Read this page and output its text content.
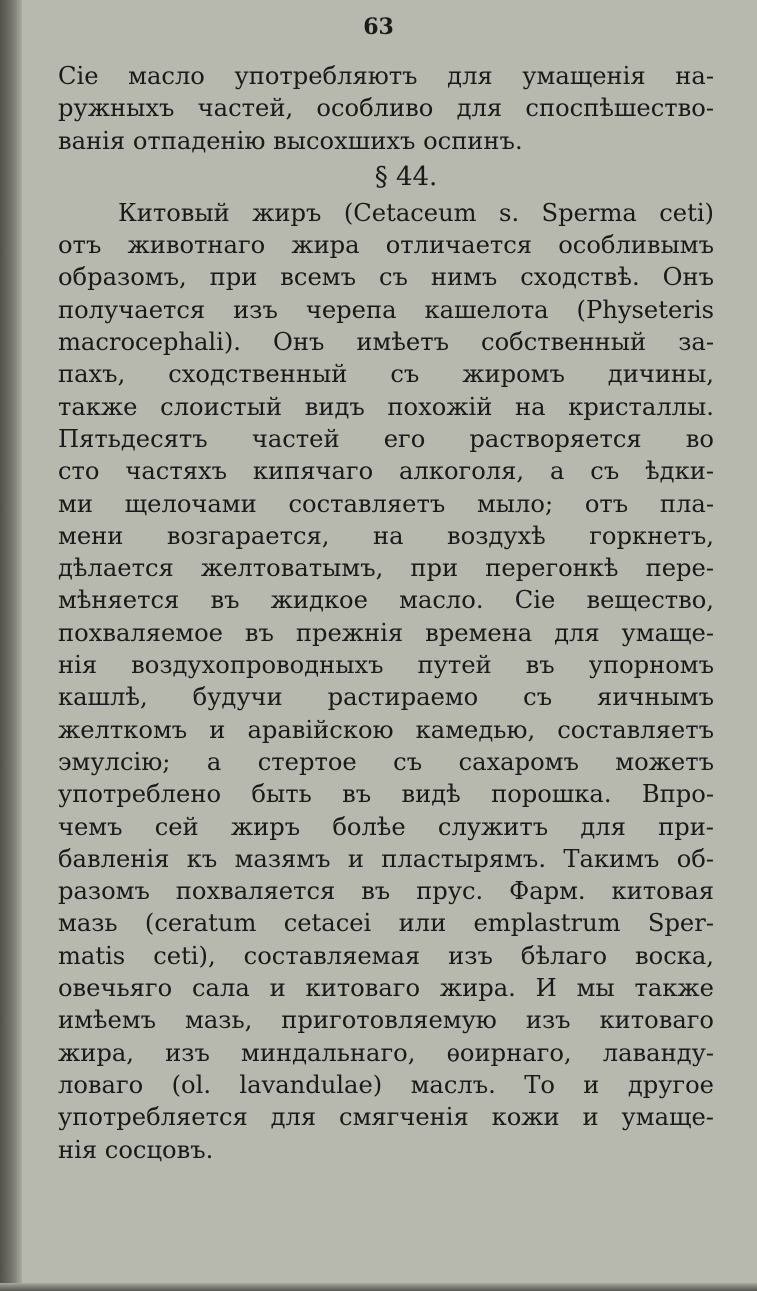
63
Сіе масло употребляютъ для умащенія на-
ружныхъ частей, особливо для споспѣшество-
ванія отпаденію высохшихъ оспинъ.
§ 44.
Китовый жиръ (Cetaceum s. Sperma ceti)
отъ животнаго жира отличается особливымъ
образомъ, при всемъ съ нимъ сходствѣ. Онъ
получается изъ черепа кашелота (Physeteris
macrocephali). Онъ имѣетъ собственный за-
пахъ, сходственный съ жиромъ дичины,
также слоистый видъ похожій на кристаллы.
Пятьдесятъ частей его растворяется во
сто частяхъ кипячаго алкоголя, а съ ѣдки-
ми щелочами составляетъ мыло; отъ пла-
мени возгарается, на воздухѣ горкнетъ,
дѣлается желтоватымъ, при перегонкѣ пере-
мѣняется въ жидкое масло. Сіе вещество,
похваляемое въ прежнія времена для умаще-
нія воздухопроводныхъ путей въ упорномъ
кашлѣ, будучи растираемо съ яичнымъ
желткомъ и аравійскою камедью, составляетъ
эмулсію; а стертое съ сахаромъ можетъ
употреблено быть въ видѣ порошка. Впро-
чемъ сей жиръ болѣе служитъ для при-
бавленія къ мазямъ и пластырямъ. Такимъ об-
разомъ похваляется въ прус. Фарм. китовая
мазь (ceratum cetacei или emplastrum Sper-
matis ceti), составляемая изъ бѣлаго воска,
овечьяго сала и китоваго жира. И мы также
имѣемъ мазь, приготовляемую изъ китоваго
жира, изъ миндальнаго, ѳоирнаго, лаванду-
ловаго (ol. lavandulae) маслъ. То и другое
употребляется для смягченія кожи и умаще-
нія сосцовъ.
